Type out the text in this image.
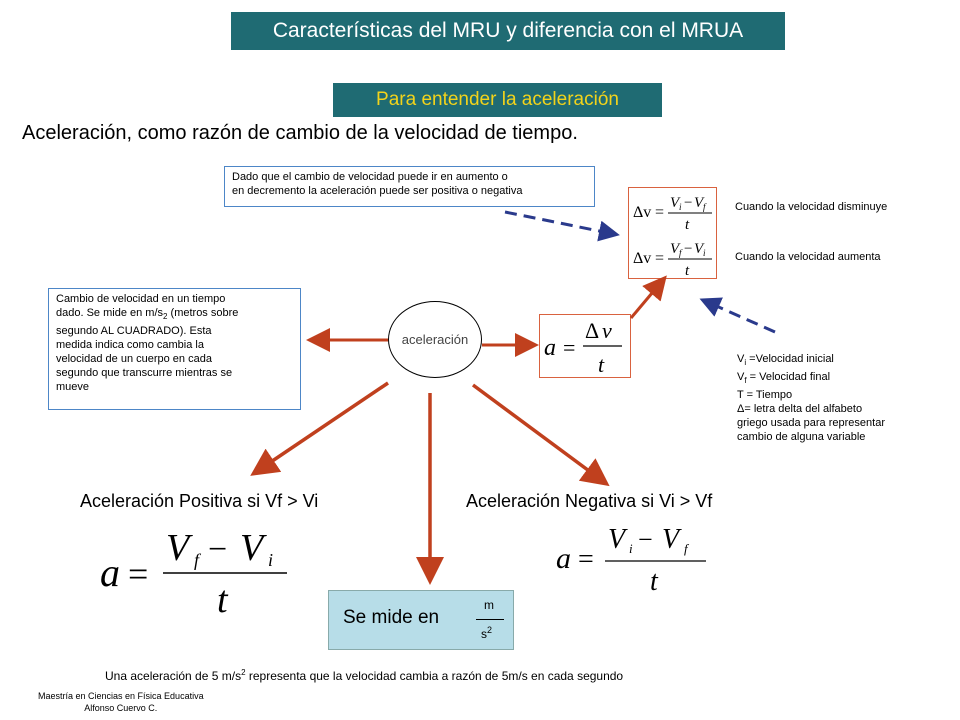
Características del MRU y diferencia con el MRUA
Para entender la aceleración
Aceleración, como razón de cambio de la velocidad de tiempo.
Dado que el cambio de velocidad puede ir en aumento o
en decremento la aceleración puede ser positiva o negativa
Cambio de velocidad en un tiempo
dado. Se mide en $m/s_2$ (metros sobre
segundo AL CUADRADO). Esta
medida indica como cambia la
velocidad de un cuerpo en cada
segundo que transcurre mientras se
mueve
aceleración
Cuando la velocidad disminuye
Cuando la velocidad aumenta
$V_i$ =Velocidad inicial
$V_f$ = Velocidad final
T = Tiempo
Δ= letra delta del alfabeto
griego usada para representar
cambio de alguna variable
Aceleración Positiva si Vf > Vi	Aceleración Negativa si Vi > Vf
Se mide en
m
$s^2$
Una aceleración de 5 $m/s^2$ representa que la velocidad cambia a razón de 5m/s en cada segundo
Maestría en Ciencias en Física Educativa
Alfonso Cuervo C.
a =
Δ v
t
Δv =
V i − V f
t
Δv =
V f − V i
t
a =
V f − V i
t
a =
V i − V f
t
